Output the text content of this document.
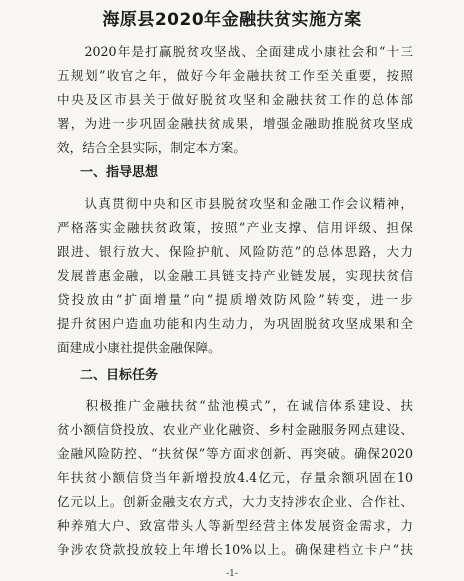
海原县2020年金融扶贫实施方案
　　2020年是打赢脱贫攻坚战、全面建成小康社会和“十三
五规划”收官之年，做好今年金融扶贫工作至关重要，按照
中央及区市县关于做好脱贫攻坚和金融扶贫工作的总体部
署，为进一步巩固金融扶贫成果，增强金融助推脱贫攻坚成
效，结合全县实际，制定本方案。
一、指导思想
　　认真贯彻中央和区市县脱贫攻坚和金融工作会议精神，
严格落实金融扶贫政策，按照“产业支撑、信用评级、担保
跟进、银行放大、保险护航、风险防范”的总体思路，大力
发展普惠金融，以金融工具链支持产业链发展，实现扶贫信
贷投放由“扩面增量”向“提质增效防风险”转变，进一步
提升贫困户造血功能和内生动力，为巩固脱贫攻坚成果和全
面建成小康社提供金融保障。
二、目标任务
　　积极推广金融扶贫“盐池模式”，在诚信体系建设、扶
贫小额信贷投放、农业产业化融资、乡村金融服务网点建设、
金融风险防控、“扶贫保”等方面求创新、再突破。确保2020
年扶贫小额信贷当年新增投放4.4亿元，存量余额巩固在10
亿元以上。创新金融支农方式，大力支持涉农企业、合作社、
种养殖大户、致富带头人等新型经营主体发展资金需求，力
争涉农贷款投放较上年增长10%以上。确保建档立卡户“扶
-1-
